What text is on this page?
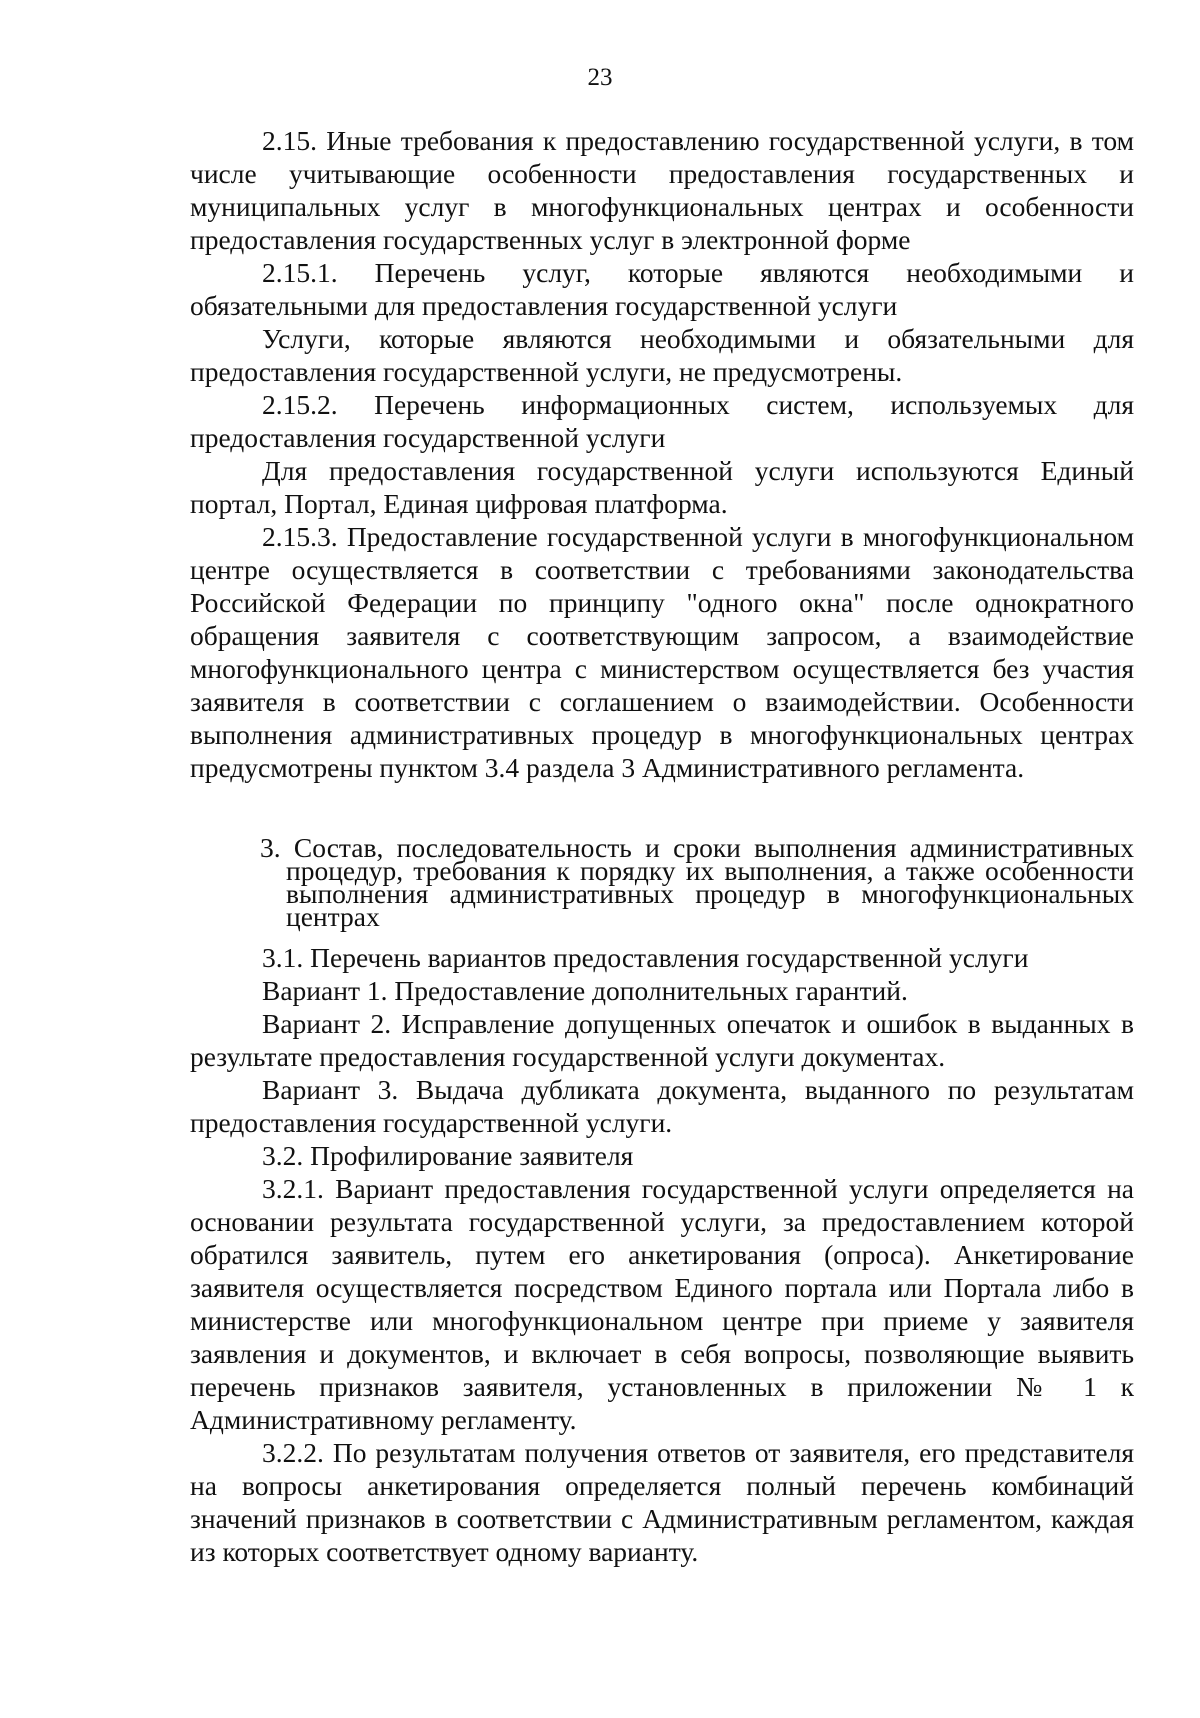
23

2.15. Иные требования к предоставлению государственной услуги, в том числе учитывающие особенности предоставления государственных и муниципальных услуг в многофункциональных центрах и особенности предоставления государственных услуг в электронной форме

2.15.1. Перечень услуг, которые являются необходимыми и обязательными для предоставления государственной услуги

Услуги, которые являются необходимыми и обязательными для предоставления государственной услуги, не предусмотрены.

2.15.2. Перечень информационных систем, используемых для предоставления государственной услуги

Для предоставления государственной услуги используются Единый портал, Портал, Единая цифровая платформа.

2.15.3. Предоставление государственной услуги в многофункциональном центре осуществляется в соответствии с требованиями законодательства Российской Федерации по принципу "одного окна" после однократного обращения заявителя с соответствующим запросом, а взаимодействие многофункционального центра с министерством осуществляется без участия заявителя в соответствии с соглашением о взаимодействии. Особенности выполнения административных процедур в многофункциональных центрах предусмотрены пунктом 3.4 раздела 3 Административного регламента.

3. Состав, последовательность и сроки выполнения административных процедур, требования к порядку их выполнения, а также особенности выполнения административных процедур в многофункциональных центрах

3.1. Перечень вариантов предоставления государственной услуги

Вариант 1. Предоставление дополнительных гарантий.

Вариант 2. Исправление допущенных опечаток и ошибок в выданных в результате предоставления государственной услуги документах.

Вариант 3. Выдача дубликата документа, выданного по результатам предоставления государственной услуги.

3.2. Профилирование заявителя

3.2.1. Вариант предоставления государственной услуги определяется на основании результата государственной услуги, за предоставлением которой обратился заявитель, путем его анкетирования (опроса). Анкетирование заявителя осуществляется посредством Единого портала или Портала либо в министерстве или многофункциональном центре при приеме у заявителя заявления и документов, и включает в себя вопросы, позволяющие выявить перечень признаков заявителя, установленных в приложении № 1 к Административному регламенту.

3.2.2. По результатам получения ответов от заявителя, его представителя на вопросы анкетирования определяется полный перечень комбинаций значений признаков в соответствии с Административным регламентом, каждая из которых соответствует одному варианту.
